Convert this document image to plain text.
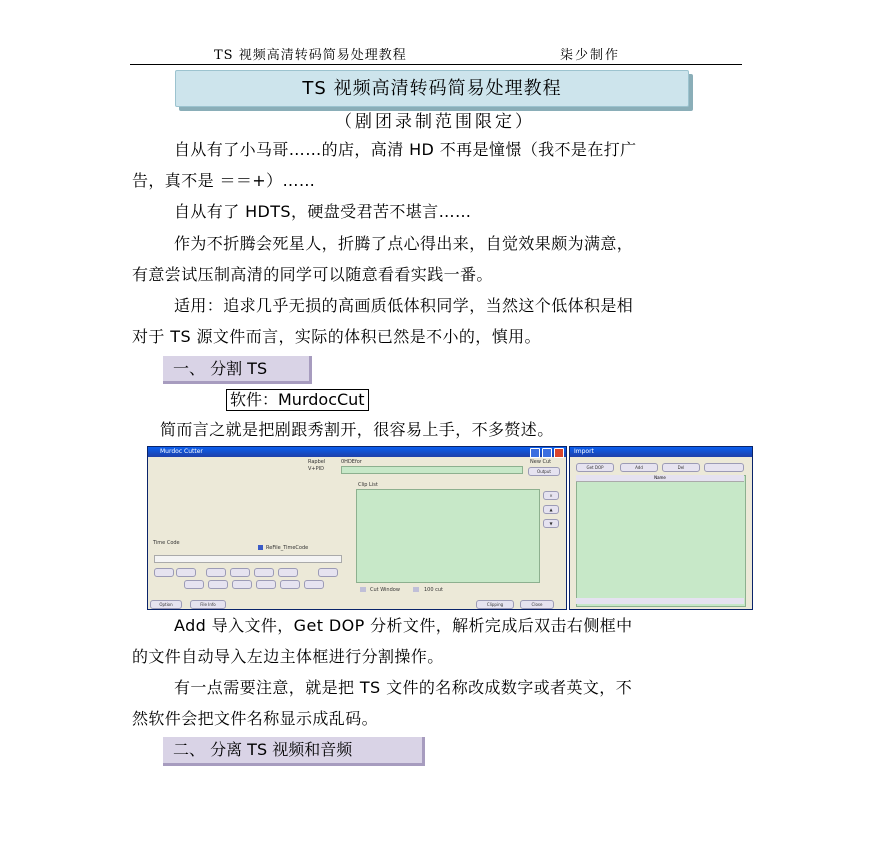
TS 视频高清转码简易处理教程	柒少制作
TS 视频高清转码简易处理教程
（剧团录制范围限定）
自从有了小马哥……的店，高清 HD 不再是憧憬（我不是在打广
告，真不是 ＝＝+）……
自从有了 HDTS，硬盘受君苦不堪言……
作为不折腾会死星人，折腾了点心得出来，自觉效果颇为满意，
有意尝试压制高清的同学可以随意看看实践一番。
适用：追求几乎无损的高画质低体积同学，当然这个低体积是相
对于 TS 源文件而言，实际的体积已然是不小的，慎用。
一、 分割 TS
软件：MurdocCut
简而言之就是把剧跟秀割开，很容易上手，不多赘述。
Murdoc Cutter
Rapbel	0HDEfor
V+PID
New Cut
Output
Clip List
×
▲
▼
Time Code
ReFile_TimeCode
Cut Window	100 cut
Option	File Info	Clipping	Close
Import
Get DOP	Add	Del
Name
Add 导入文件，Get DOP 分析文件，解析完成后双击右侧框中
的文件自动导入左边主体框进行分割操作。
有一点需要注意，就是把 TS 文件的名称改成数字或者英文，不
然软件会把文件名称显示成乱码。
二、 分离 TS 视频和音频
